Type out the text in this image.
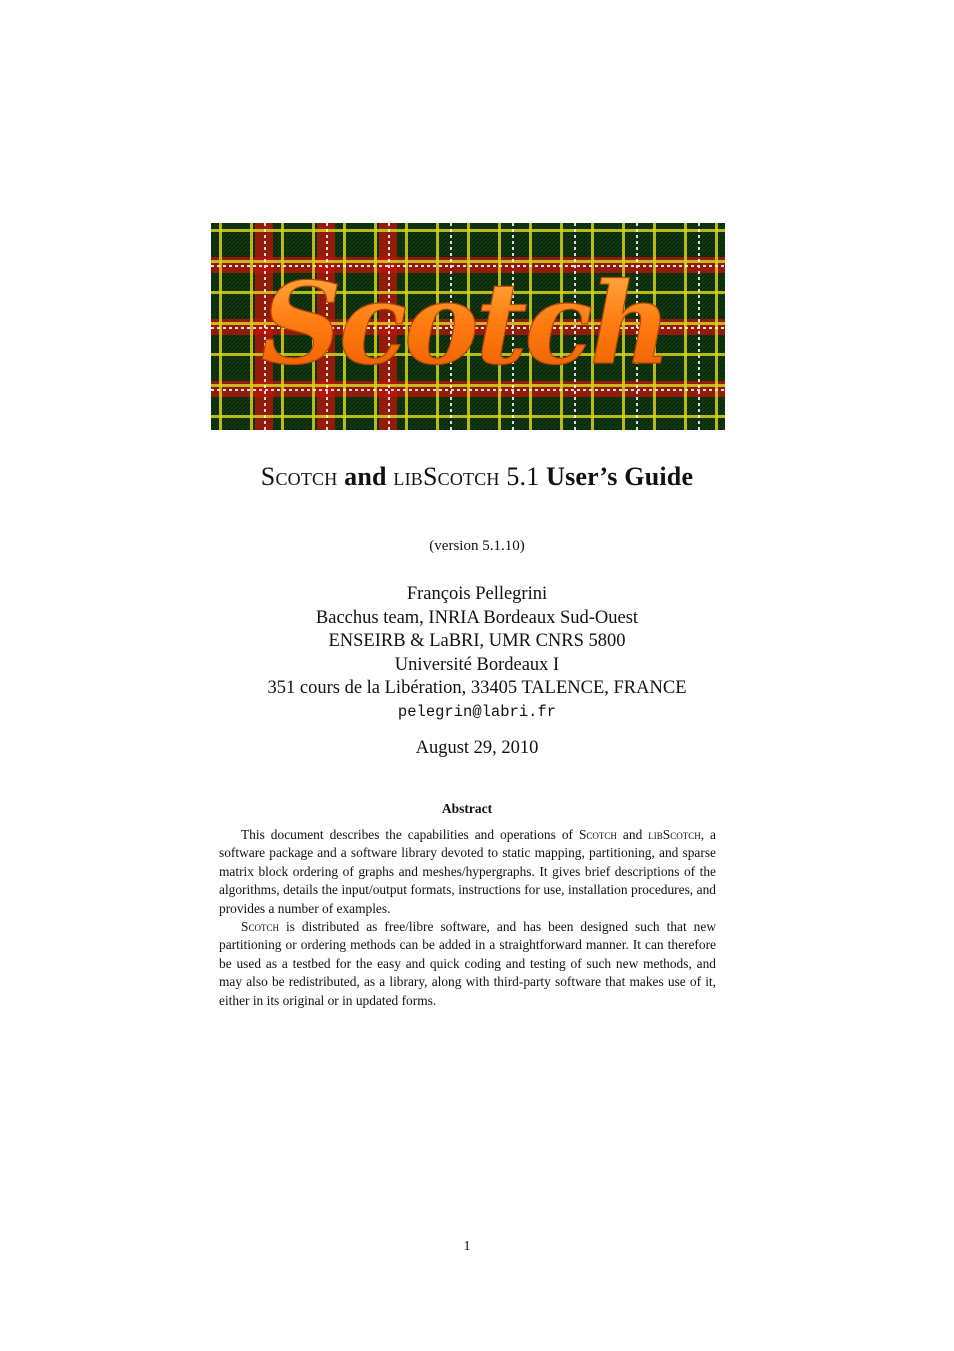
Scotch
Scotch and libScotch 5.1 User’s Guide
(version 5.1.10)
François Pellegrini
Bacchus team, INRIA Bordeaux Sud-Ouest
ENSEIRB & LaBRI, UMR CNRS 5800
Université Bordeaux I
351 cours de la Libération, 33405 TALENCE, FRANCE
pelegrin@labri.fr
August 29, 2010
Abstract

This document describes the capabilities and operations of Scotch and libScotch, a software package and a software library devoted to static mapping, partitioning, and sparse matrix block ordering of graphs and meshes/hypergraphs. It gives brief descriptions of the algorithms, details the input/output formats, instructions for use, installation procedures, and provides a number of examples.

Scotch is distributed as free/libre software, and has been designed such that new partitioning or ordering methods can be added in a straightforward manner. It can therefore be used as a testbed for the easy and quick coding and testing of such new methods, and may also be redistributed, as a library, along with third-party software that makes use of it, either in its original or in updated forms.

1
